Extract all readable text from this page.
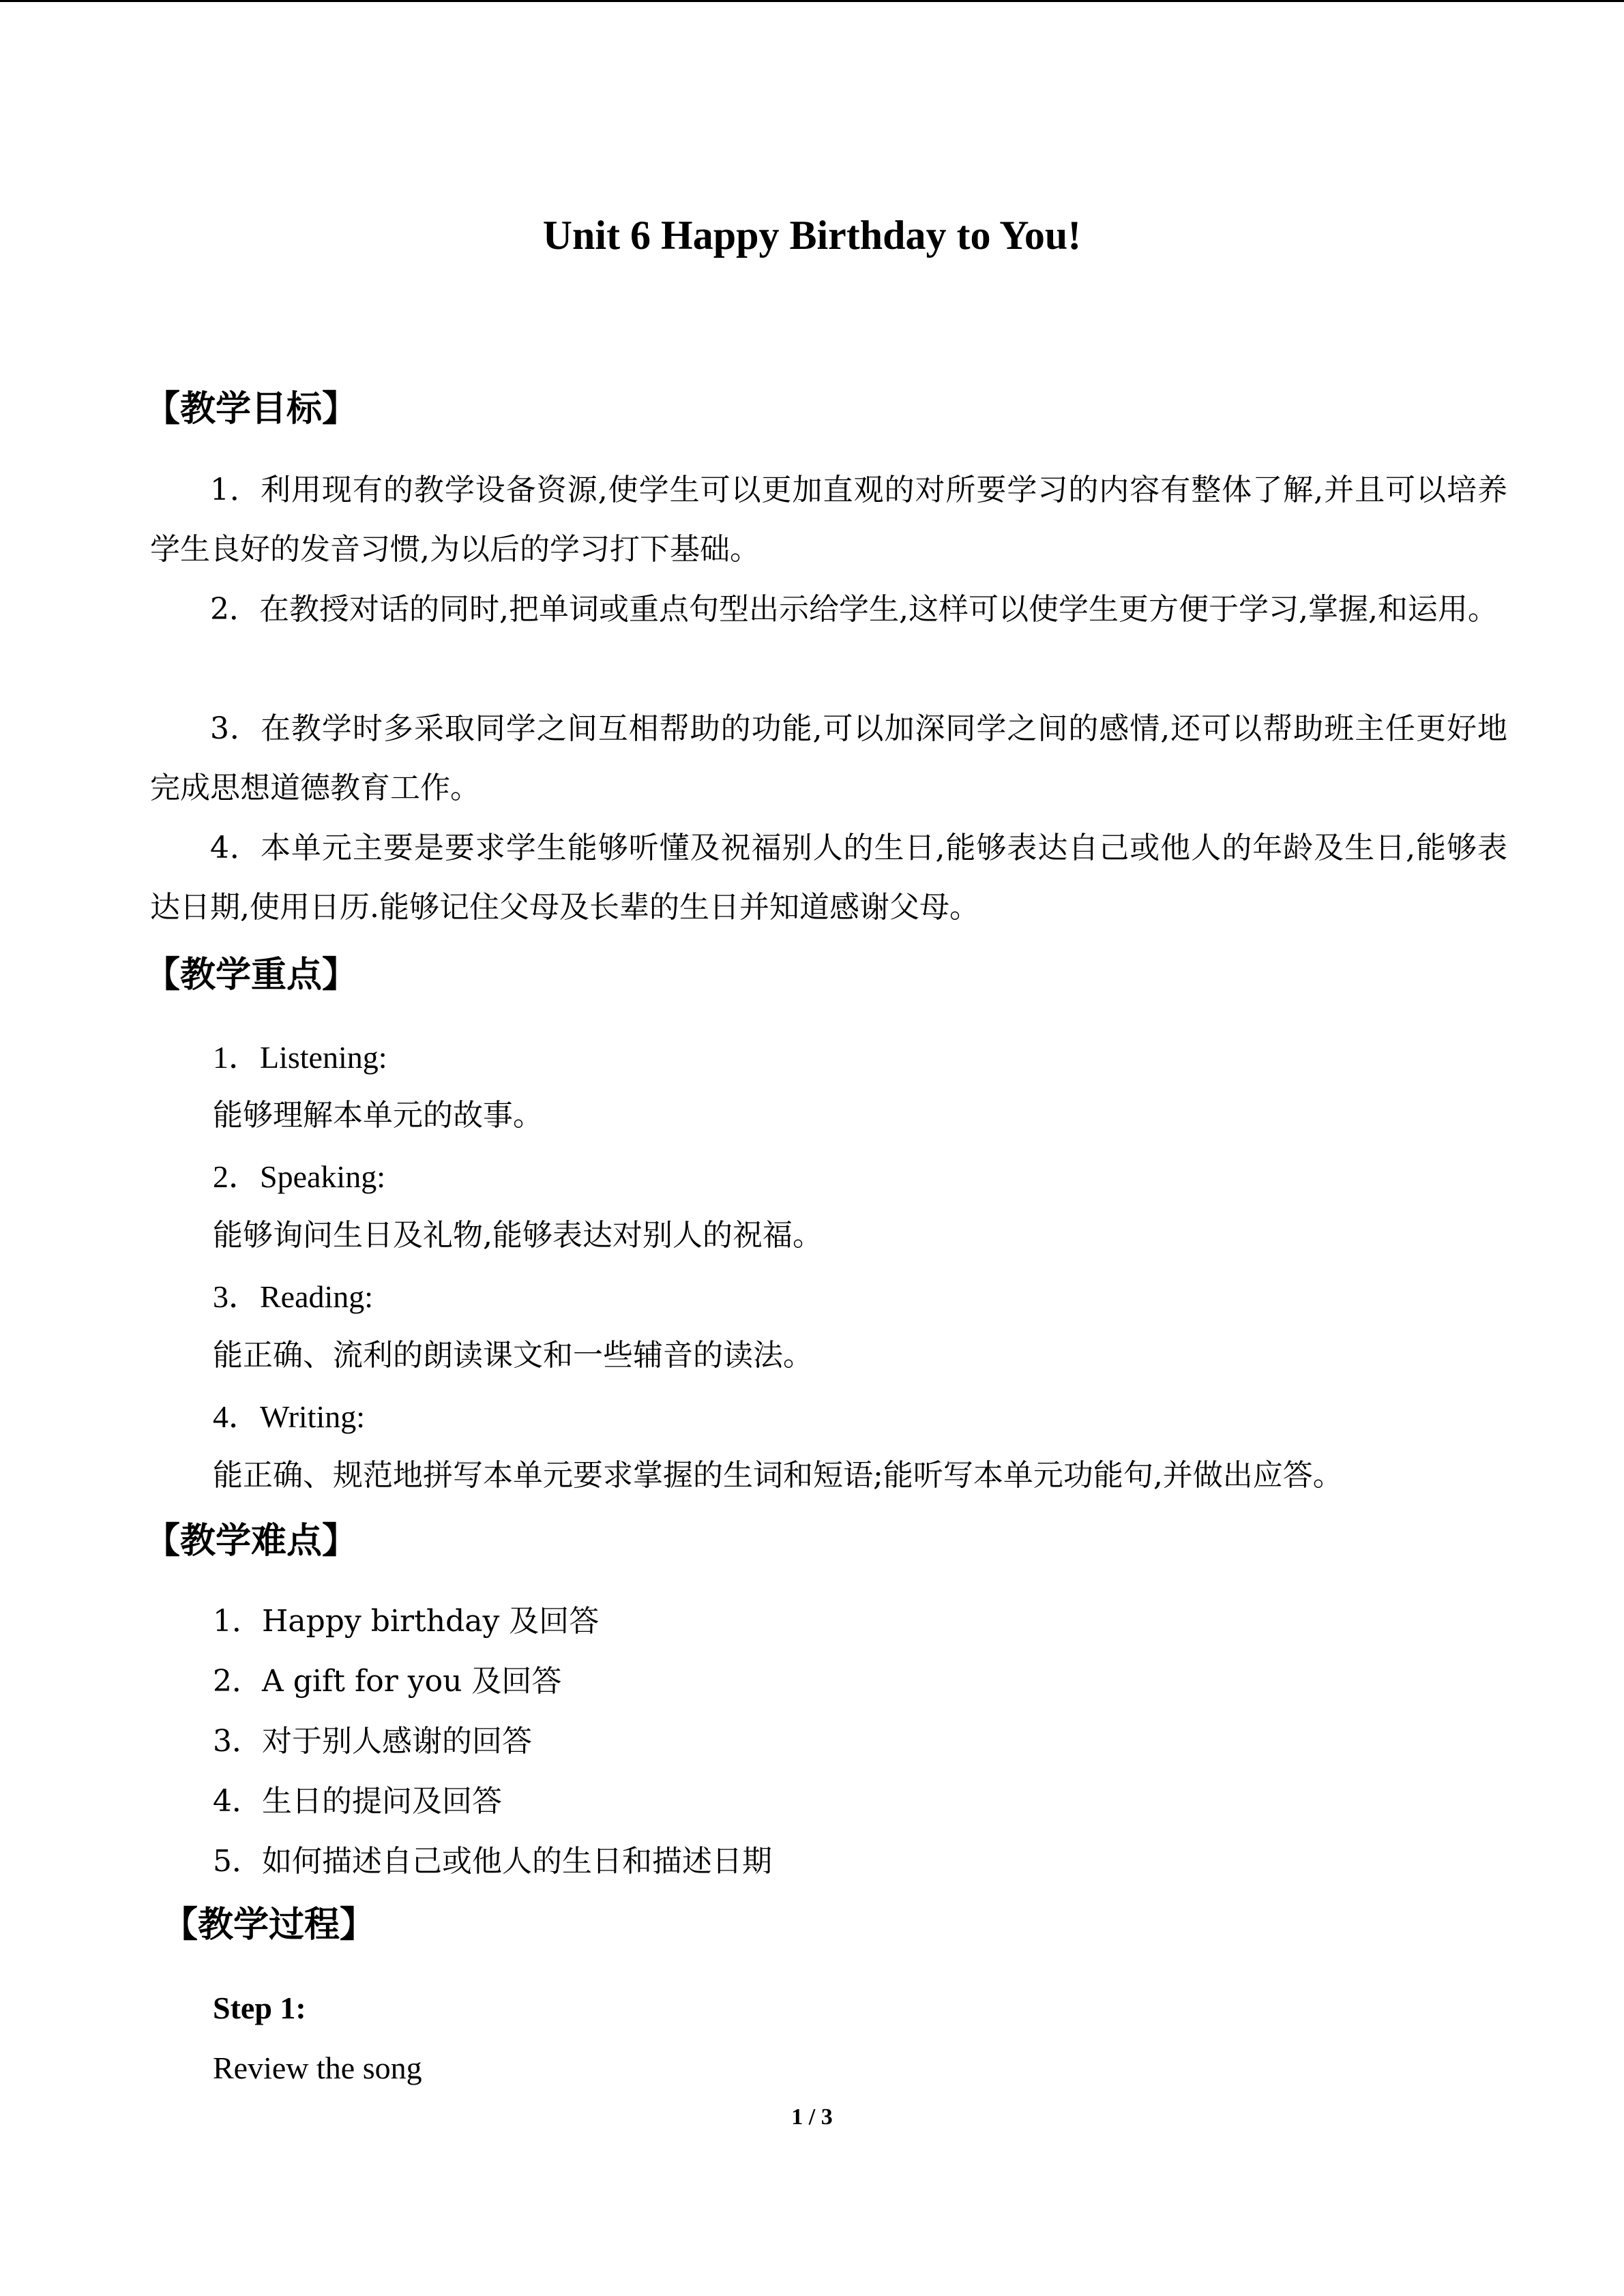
Unit 6 Happy Birthday to You!
【教学目标】
1．利用现有的教学设备资源,使学生可以更加直观的对所要学习的内容有整体了解,并且可以培养学生良好的发音习惯,为以后的学习打下基础。
2．在教授对话的同时,把单词或重点句型出示给学生,这样可以使学生更方便于学习,掌握,和运用。
3．在教学时多采取同学之间互相帮助的功能,可以加深同学之间的感情,还可以帮助班主任更好地完成思想道德教育工作。
4．本单元主要是要求学生能够听懂及祝福别人的生日,能够表达自己或他人的年龄及生日,能够表达日期,使用日历.能够记住父母及长辈的生日并知道感谢父母。
【教学重点】
1．Listening:
能够理解本单元的故事。
2．Speaking:
能够询问生日及礼物,能够表达对别人的祝福。
3．Reading:
能正确、流利的朗读课文和一些辅音的读法。
4．Writing:
能正确、规范地拼写本单元要求掌握的生词和短语;能听写本单元功能句,并做出应答。
【教学难点】
1．Happy birthday 及回答
2．A gift for you 及回答
3．对于别人感谢的回答
4．生日的提问及回答
5．如何描述自己或他人的生日和描述日期
【教学过程】
Step 1:
Review the song
1 / 3
